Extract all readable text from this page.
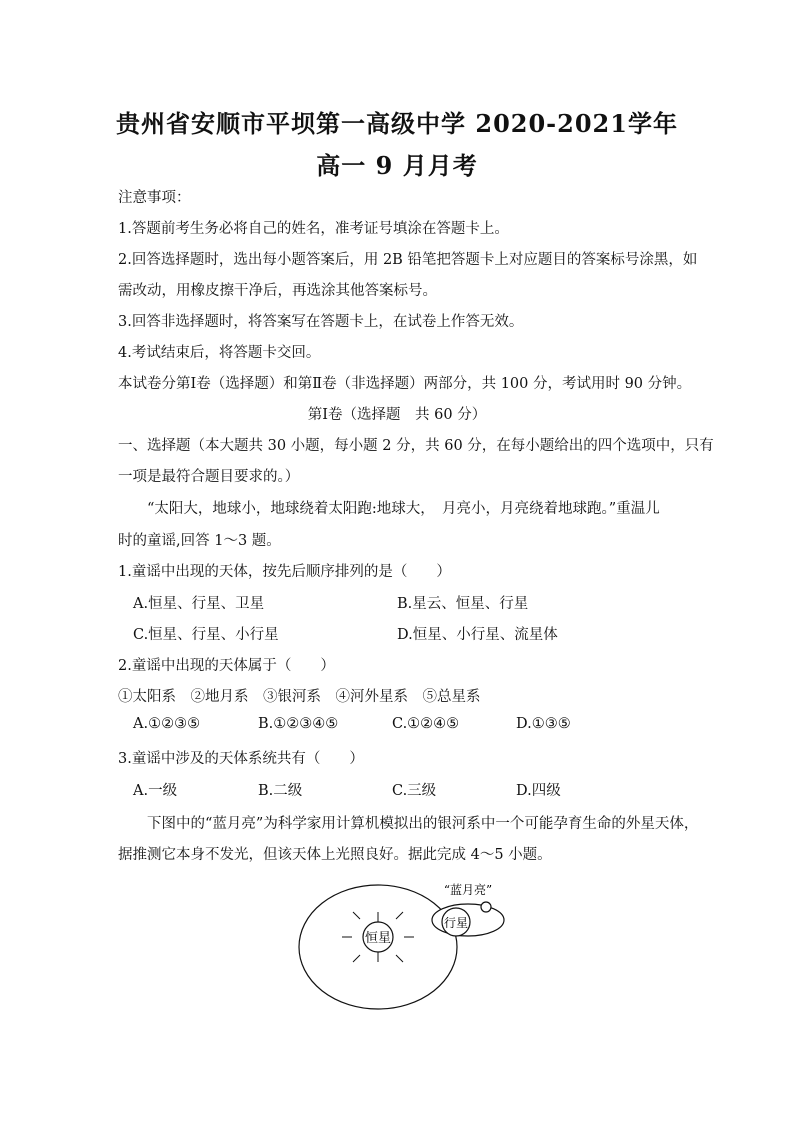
贵州省安顺市平坝第一高级中学 2020-2021学年
高一 9 月月考
注意事项：
1.答题前考生务必将自己的姓名，准考证号填涂在答题卡上。
2.回答选择题时，选出每小题答案后，用 2B 铅笔把答题卡上对应题目的答案标号涂黑，如
需改动，用橡皮擦干净后，再选涂其他答案标号。
3.回答非选择题时，将答案写在答题卡上，在试卷上作答无效。
4.考试结束后，将答题卡交回。
本试卷分第Ⅰ卷（选择题）和第Ⅱ卷（非选择题）两部分，共 100 分，考试用时 90 分钟。
第Ⅰ卷（选择题　共 60 分）
一、选择题（本大题共 30 小题，每小题 2 分，共 60 分，在每小题给出的四个选项中，只有
一项是最符合题目要求的。）
“太阳大，地球小，地球绕着太阳跑:地球大，　月亮小，月亮绕着地球跑。”重温儿
时的童谣,回答 1～3 题。
1.童谣中出现的天体，按先后顺序排列的是（　　）
A.恒星、行星、卫星	B.星云、恒星、行星
C.恒星、行星、小行星	D.恒星、小行星、流星体
2.童谣中出现的天体属于（　　）
①太阳系　②地月系　③银河系　④河外星系　⑤总星系
A.①②③⑤	B.①②③④⑤	C.①②④⑤	D.①③⑤
3.童谣中涉及的天体系统共有（　　）
A.一级	B.二级	C.三级	D.四级
下图中的“蓝月亮”为科学家用计算机模拟出的银河系中一个可能孕育生命的外星天体，
据推测它本身不发光，但该天体上光照良好。据此完成 4～5 小题。
恒星
行星
“蓝月亮”
